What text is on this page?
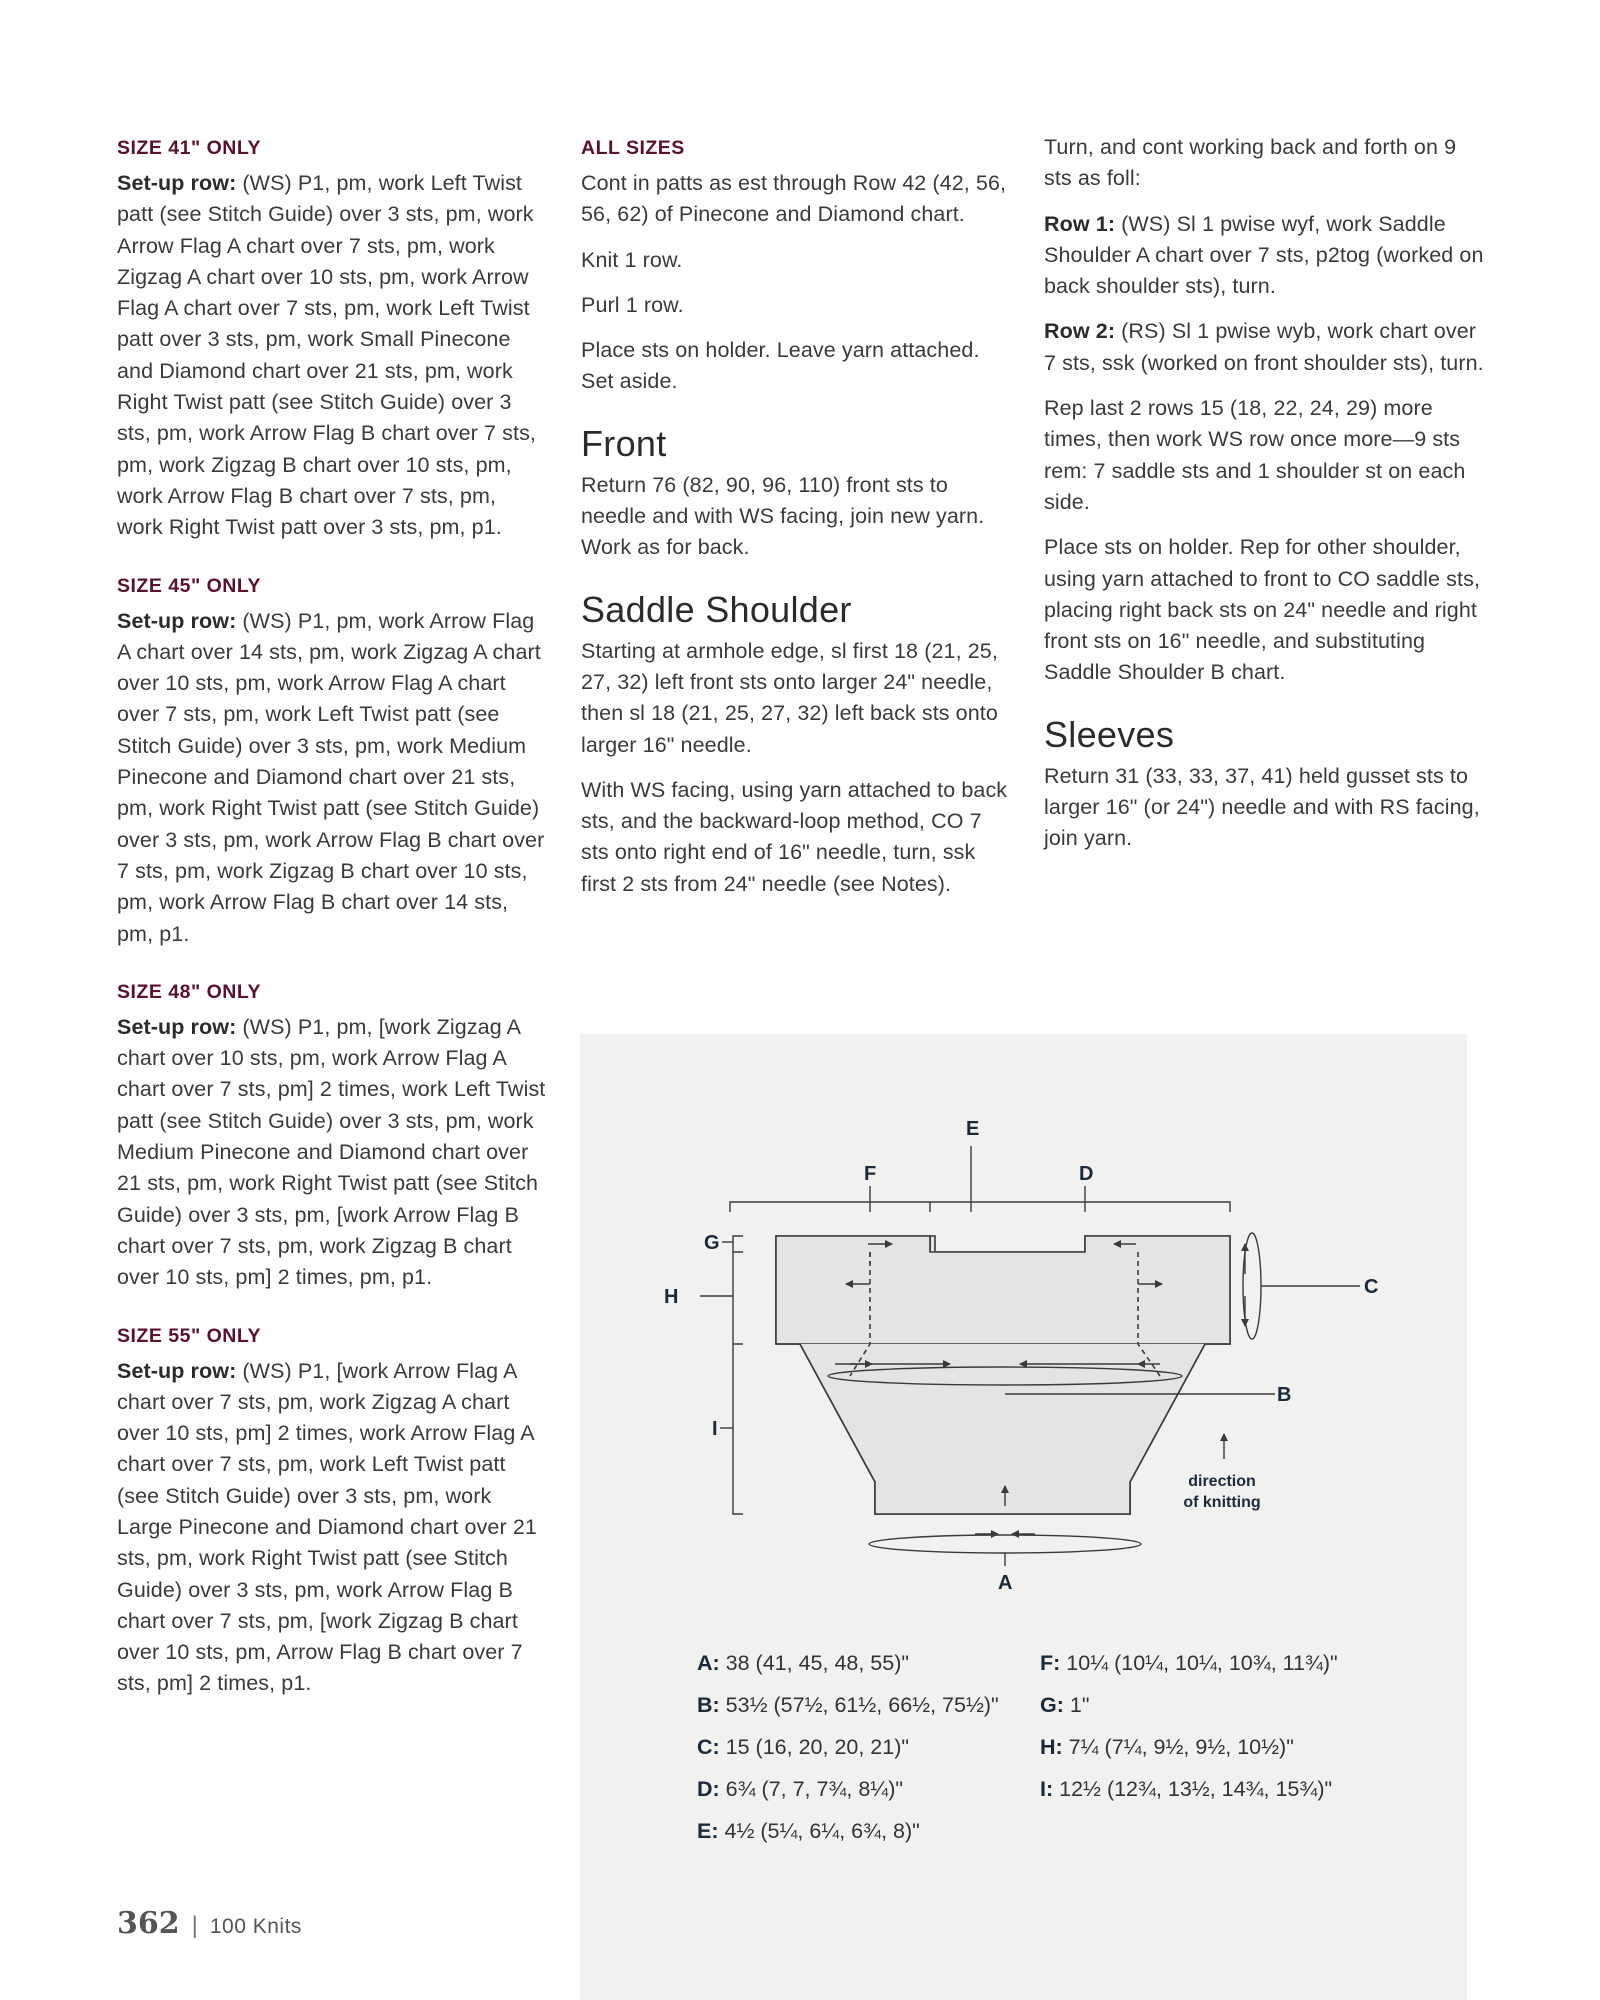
SIZE 41" ONLY

Set-up row: (WS) P1, pm, work Left Twist patt (see Stitch Guide) over 3 sts, pm, work Arrow Flag A chart over 7 sts, pm, work Zigzag A chart over 10 sts, pm, work Arrow Flag A chart over 7 sts, pm, work Left Twist patt over 3 sts, pm, work Small Pinecone and Diamond chart over 21 sts, pm, work Right Twist patt (see Stitch Guide) over 3 sts, pm, work Arrow Flag B chart over 7 sts, pm, work Zigzag B chart over 10 sts, pm, work Arrow Flag B chart over 7 sts, pm, work Right Twist patt over 3 sts, pm, p1.

SIZE 45" ONLY

Set-up row: (WS) P1, pm, work Arrow Flag A chart over 14 sts, pm, work Zigzag A chart over 10 sts, pm, work Arrow Flag A chart over 7 sts, pm, work Left Twist patt (see Stitch Guide) over 3 sts, pm, work Medium Pinecone and Diamond chart over 21 sts, pm, work Right Twist patt (see Stitch Guide) over 3 sts, pm, work Arrow Flag B chart over 7 sts, pm, work Zigzag B chart over 10 sts, pm, work Arrow Flag B chart over 14 sts, pm, p1.

SIZE 48" ONLY

Set-up row: (WS) P1, pm, [work Zigzag A chart over 10 sts, pm, work Arrow Flag A chart over 7 sts, pm] 2 times, work Left Twist patt (see Stitch Guide) over 3 sts, pm, work Medium Pinecone and Diamond chart over 21 sts, pm, work Right Twist patt (see Stitch Guide) over 3 sts, pm, [work Arrow Flag B chart over 7 sts, pm, work Zigzag B chart over 10 sts, pm] 2 times, pm, p1.

SIZE 55" ONLY

Set-up row: (WS) P1, [work Arrow Flag A chart over 7 sts, pm, work Zigzag A chart over 10 sts, pm] 2 times, work Arrow Flag A chart over 7 sts, pm, work Left Twist patt (see Stitch Guide) over 3 sts, pm, work Large Pinecone and Diamond chart over 21 sts, pm, work Right Twist patt (see Stitch Guide) over 3 sts, pm, work Arrow Flag B chart over 7 sts, pm, [work Zigzag B chart over 10 sts, pm, Arrow Flag B chart over 7 sts, pm] 2 times, p1.

ALL SIZES

Cont in patts as est through Row 42 (42, 56, 56, 62) of Pinecone and Diamond chart.

Knit 1 row.

Purl 1 row.

Place sts on holder. Leave yarn attached. Set aside.

Front

Return 76 (82, 90, 96, 110) front sts to needle and with WS facing, join new yarn. Work as for back.

Saddle Shoulder

Starting at armhole edge, sl first 18 (21, 25, 27, 32) left front sts onto larger 24" needle, then sl 18 (21, 25, 27, 32) left back sts onto larger 16" needle.

With WS facing, using yarn attached to back sts, and the backward-loop method, CO 7 sts onto right end of 16" needle, turn, ssk first 2 sts from 24" needle (see Notes).

Turn, and cont working back and forth on 9 sts as foll:

Row 1: (WS) Sl 1 pwise wyf, work Saddle Shoulder A chart over 7 sts, p2tog (worked on back shoulder sts), turn.

Row 2: (RS) Sl 1 pwise wyb, work chart over 7 sts, ssk (worked on front shoulder sts), turn.

Rep last 2 rows 15 (18, 22, 24, 29) more times, then work WS row once more—9 sts rem: 7 saddle sts and 1 shoulder st on each side.

Place sts on holder. Rep for other shoulder, using yarn attached to front to CO saddle sts, placing right back sts on 24" needle and right front sts on 16" needle, and substituting Saddle Shoulder B chart.

Sleeves

Return 31 (33, 33, 37, 41) held gusset sts to larger 16" (or 24") needle and with RS facing, join yarn.

E
F	D
G
H	C
B
I
A
direction
of knitting
A: 38 (41, 45, 48, 55)"
B: 53½ (57½, 61½, 66½, 75½)"
C: 15 (16, 20, 20, 21)"
D: 6¾ (7, 7, 7¾, 8¼)"
E: 4½ (5¼, 6¼, 6¾, 8)"
F: 10¼ (10¼, 10¼, 10¾, 11¾)"
G: 1"
H: 7¼ (7¼, 9½, 9½, 10½)"
I: 12½ (12¾, 13½, 14¾, 15¾)"
362 | 100 Knits
